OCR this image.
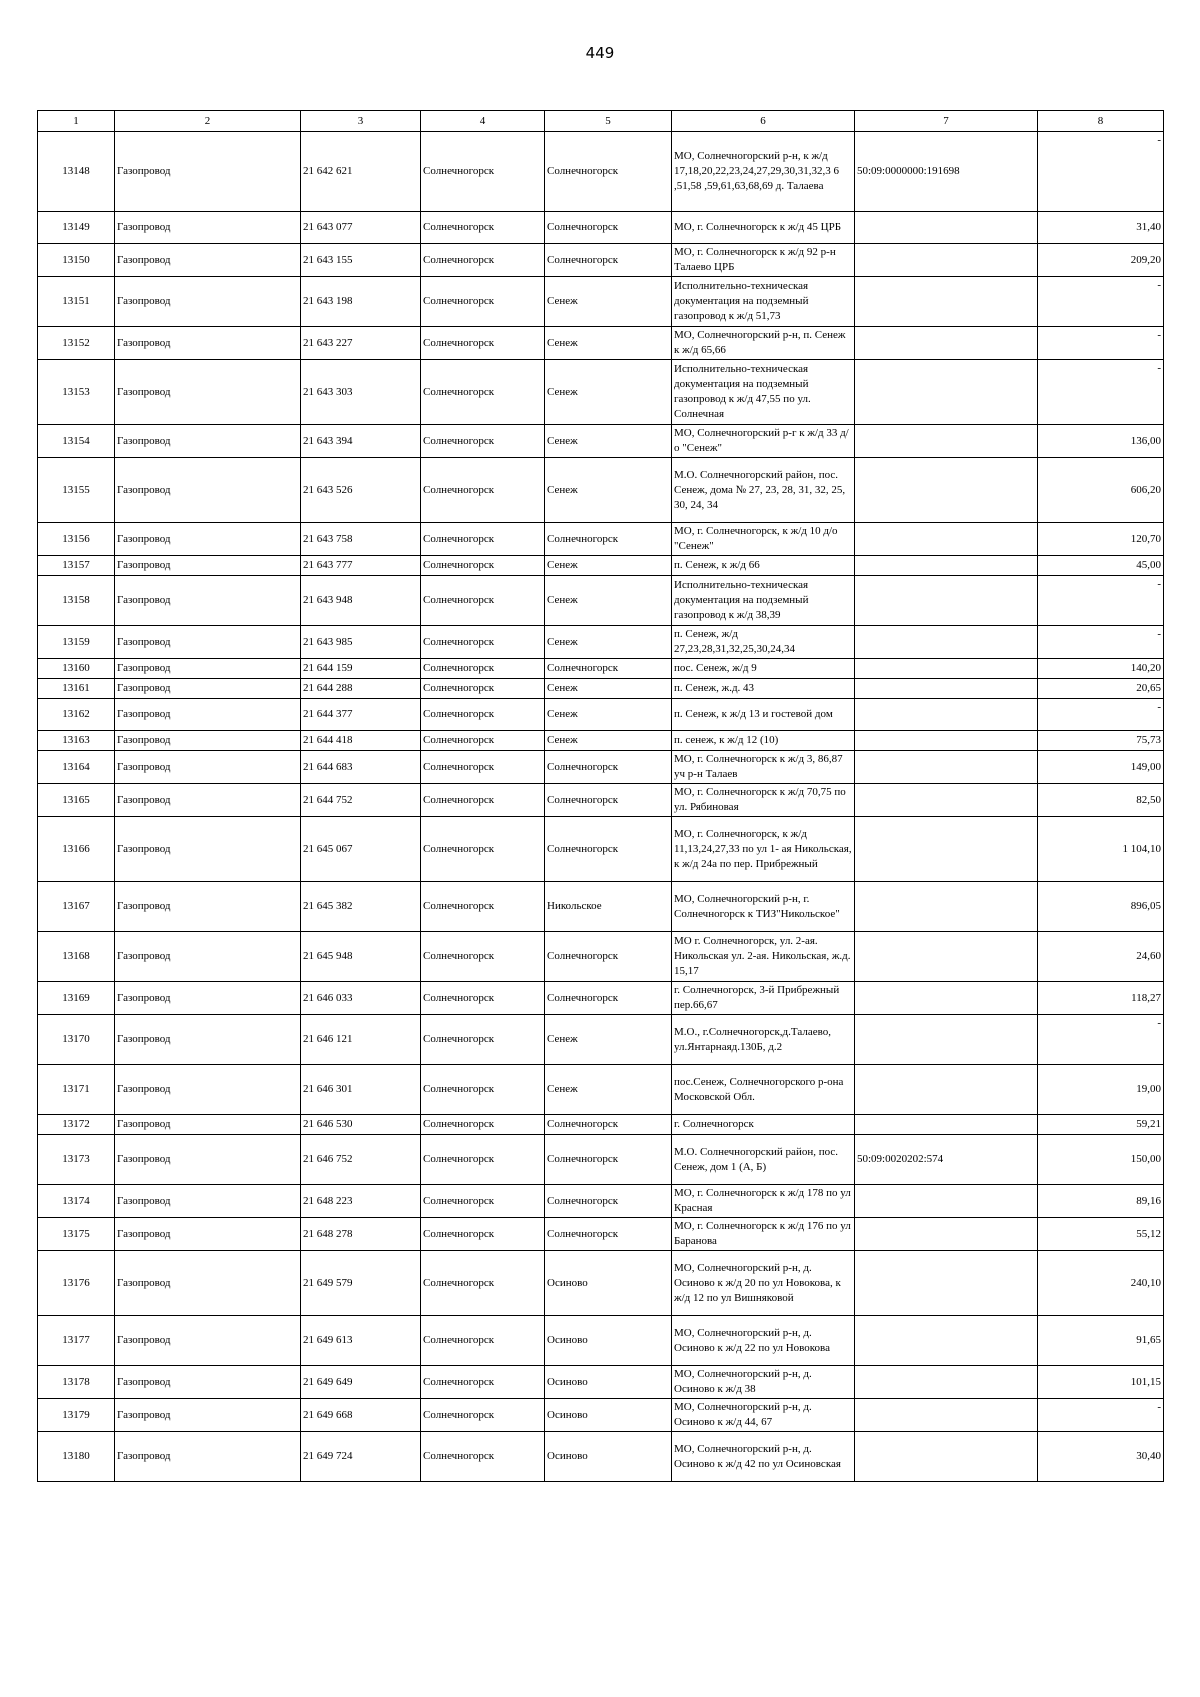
449
1	2	3	4	5	6	7	8
13148	Газопровод	21 642 621	Солнечногорск	Солнечногорск	МО, Солнечногорский р-н, к ж/д 17,18,20,22,23,24,27,29,30,31,32,3 6 ,51,58 ,59,61,63,68,69 д. Талаева	50:09:0000000:191698	-

13149	Газопровод	21 643 077	Солнечногорск	Солнечногорск	МО, г. Солнечногорск к ж/д 45 ЦРБ		31,40

13150	Газопровод	21 643 155	Солнечногорск	Солнечногорск	МО, г. Солнечногорск к ж/д 92 р-н Талаево ЦРБ		209,20

13151	Газопровод	21 643 198	Солнечногорск	Сенеж	Исполнительно-техническая документация на подземный газопровод к ж/д 51,73		-

13152	Газопровод	21 643 227	Солнечногорск	Сенеж	МО, Солнечногорский р-н, п. Сенеж к ж/д 65,66		-

13153	Газопровод	21 643 303	Солнечногорск	Сенеж	Исполнительно-техническая документация на подземный газопровод к ж/д 47,55 по ул. Солнечная		-

13154	Газопровод	21 643 394	Солнечногорск	Сенеж	МО, Солнечногорский р-г к ж/д 33 д/о "Сенеж"		136,00

13155	Газопровод	21 643 526	Солнечногорск	Сенеж	М.О. Солнечногорский район, пос. Сенеж, дома № 27, 23, 28, 31, 32, 25, 30, 24, 34		606,20

13156	Газопровод	21 643 758	Солнечногорск	Солнечногорск	МО, г. Солнечногорск, к ж/д 10 д/о "Сенеж"		120,70

13157	Газопровод	21 643 777	Солнечногорск	Сенеж	п. Сенеж, к ж/д 66		45,00

13158	Газопровод	21 643 948	Солнечногорск	Сенеж	Исполнительно-техническая документация на подземный газопровод к ж/д 38,39		-

13159	Газопровод	21 643 985	Солнечногорск	Сенеж	п. Сенеж, ж/д 27,23,28,31,32,25,30,24,34		-

13160	Газопровод	21 644 159	Солнечногорск	Солнечногорск	пос. Сенеж, ж/д 9		140,20

13161	Газопровод	21 644 288	Солнечногорск	Сенеж	п. Сенеж, ж.д. 43		20,65

13162	Газопровод	21 644 377	Солнечногорск	Сенеж	п. Сенеж, к ж/д 13 и гостевой дом		-

13163	Газопровод	21 644 418	Солнечногорск	Сенеж	п. сенеж, к ж/д 12 (10)		75,73

13164	Газопровод	21 644 683	Солнечногорск	Солнечногорск	МО, г. Солнечногорск к ж/д 3, 86,87 уч р-н Талаев		149,00

13165	Газопровод	21 644 752	Солнечногорск	Солнечногорск	МО, г. Солнечногорск к ж/д 70,75 по ул. Рябиновая		82,50

13166	Газопровод	21 645 067	Солнечногорск	Солнечногорск	МО, г. Солнечногорск, к ж/д 11,13,24,27,33 по ул 1- ая Никольская, к ж/д 24а по пер. Прибрежный		1 104,10

13167	Газопровод	21 645 382	Солнечногорск	Никольское	МО, Солнечногорский р-н, г. Солнечногорск к ТИЗ"Никольское"		896,05

13168	Газопровод	21 645 948	Солнечногорск	Солнечногорск	МО г. Солнечногорск, ул. 2-ая. Никольская ул. 2-ая. Никольская, ж.д. 15,17		24,60

13169	Газопровод	21 646 033	Солнечногорск	Солнечногорск	г. Солнечногорск, 3-й Прибрежный пер.66,67		118,27

13170	Газопровод	21 646 121	Солнечногорск	Сенеж	М.О., г.Солнечногорск,д.Талаево, ул.Янтарнаяд.130Б, д.2		-

13171	Газопровод	21 646 301	Солнечногорск	Сенеж	пос.Сенеж, Солнечногорского р-она Московской Обл.		19,00

13172	Газопровод	21 646 530	Солнечногорск	Солнечногорск	г. Солнечногорск		59,21

13173	Газопровод	21 646 752	Солнечногорск	Солнечногорск	М.О. Солнечногорский район, пос. Сенеж, дом 1 (А, Б)	50:09:0020202:574	150,00

13174	Газопровод	21 648 223	Солнечногорск	Солнечногорск	МО, г. Солнечногорск к ж/д 178 по ул Красная		89,16

13175	Газопровод	21 648 278	Солнечногорск	Солнечногорск	МО, г. Солнечногорск к ж/д 176 по ул Баранова		55,12

13176	Газопровод	21 649 579	Солнечногорск	Осиново	МО, Солнечногорский р-н, д. Осиново к ж/д 20 по ул Новокова, к ж/д 12 по ул Вишняковой		240,10

13177	Газопровод	21 649 613	Солнечногорск	Осиново	МО, Солнечногорский р-н, д. Осиново к ж/д 22 по ул Новокова		91,65

13178	Газопровод	21 649 649	Солнечногорск	Осиново	МО, Солнечногорский р-н, д. Осиново к ж/д 38		101,15

13179	Газопровод	21 649 668	Солнечногорск	Осиново	МО, Солнечногорский р-н, д. Осиново к ж/д 44, 67		-

13180	Газопровод	21 649 724	Солнечногорск	Осиново	МО, Солнечногорский р-н, д. Осиново к ж/д 42 по ул Осиновская		30,40
